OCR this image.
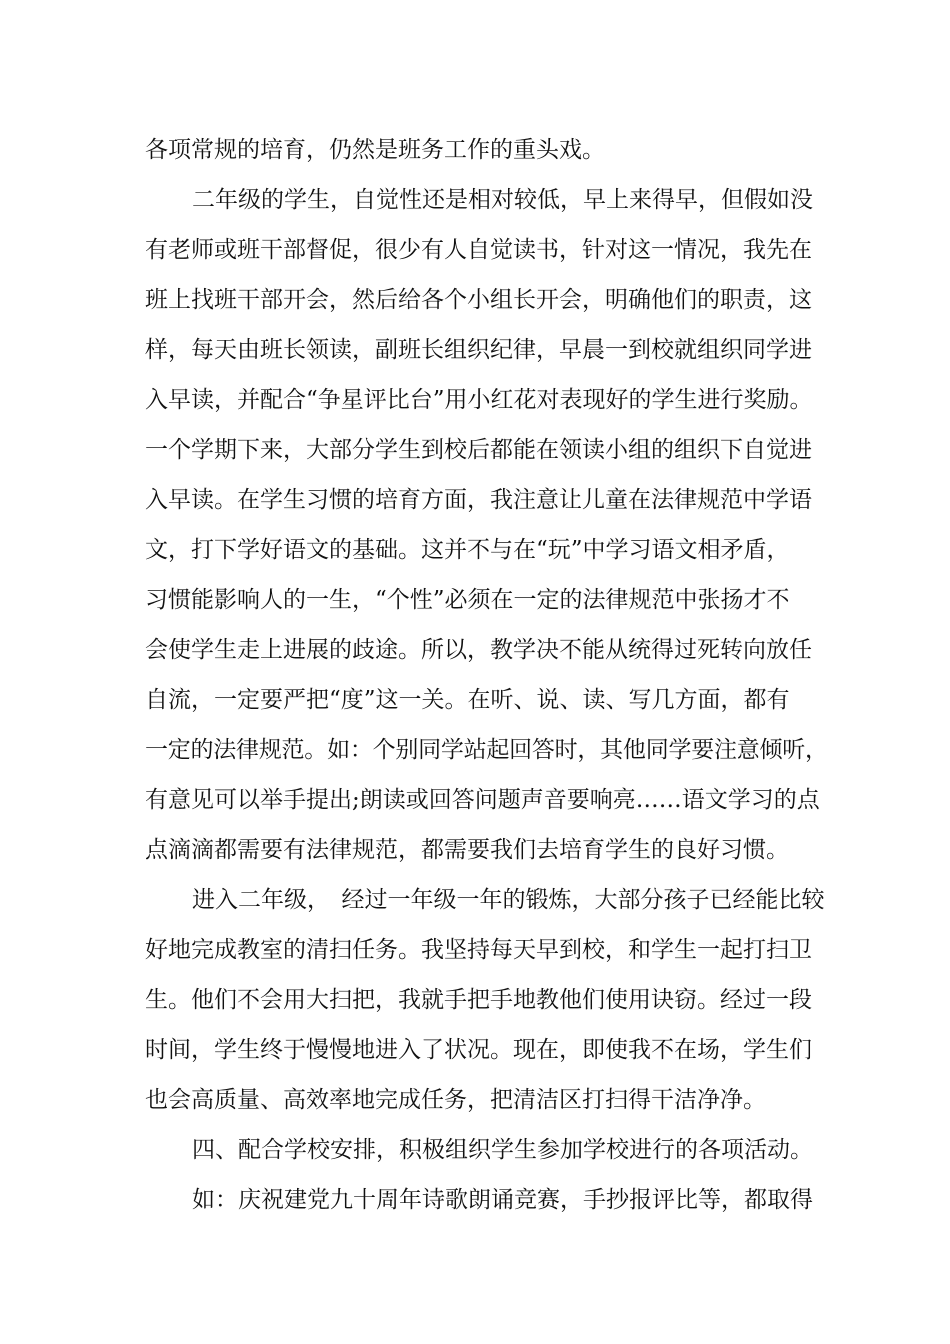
各项常规的培育，仍然是班务工作的重头戏。
二年级的学生，自觉性还是相对较低，早上来得早，但假如没
有老师或班干部督促，很少有人自觉读书，针对这一情况，我先在
班上找班干部开会，然后给各个小组长开会，明确他们的职责，这
样，每天由班长领读，副班长组织纪律，早晨一到校就组织同学进
入早读，并配合“争星评比台”用小红花对表现好的学生进行奖励。
一个学期下来，大部分学生到校后都能在领读小组的组织下自觉进
入早读。在学生习惯的培育方面，我注意让儿童在法律规范中学语
文，打下学好语文的基础。这并不与在“玩”中学习语文相矛盾，
习惯能影响人的一生，“个性”必须在一定的法律规范中张扬才不
会使学生走上进展的歧途。所以，教学决不能从统得过死转向放任
自流，一定要严把“度”这一关。在听、说、读、写几方面，都有
一定的法律规范。如：个别同学站起回答时，其他同学要注意倾听，
有意见可以举手提出;朗读或回答问题声音要响亮……语文学习的点
点滴滴都需要有法律规范，都需要我们去培育学生的良好习惯。
进入二年级，　经过一年级一年的锻炼，大部分孩子已经能比较
好地完成教室的清扫任务。我坚持每天早到校，和学生一起打扫卫
生。他们不会用大扫把，我就手把手地教他们使用诀窃。经过一段
时间，学生终于慢慢地进入了状况。现在，即使我不在场，学生们
也会高质量、高效率地完成任务，把清洁区打扫得干洁净净。
四、配合学校安排，积极组织学生参加学校进行的各项活动。
如：庆祝建党九十周年诗歌朗诵竞赛，手抄报评比等，都取得
